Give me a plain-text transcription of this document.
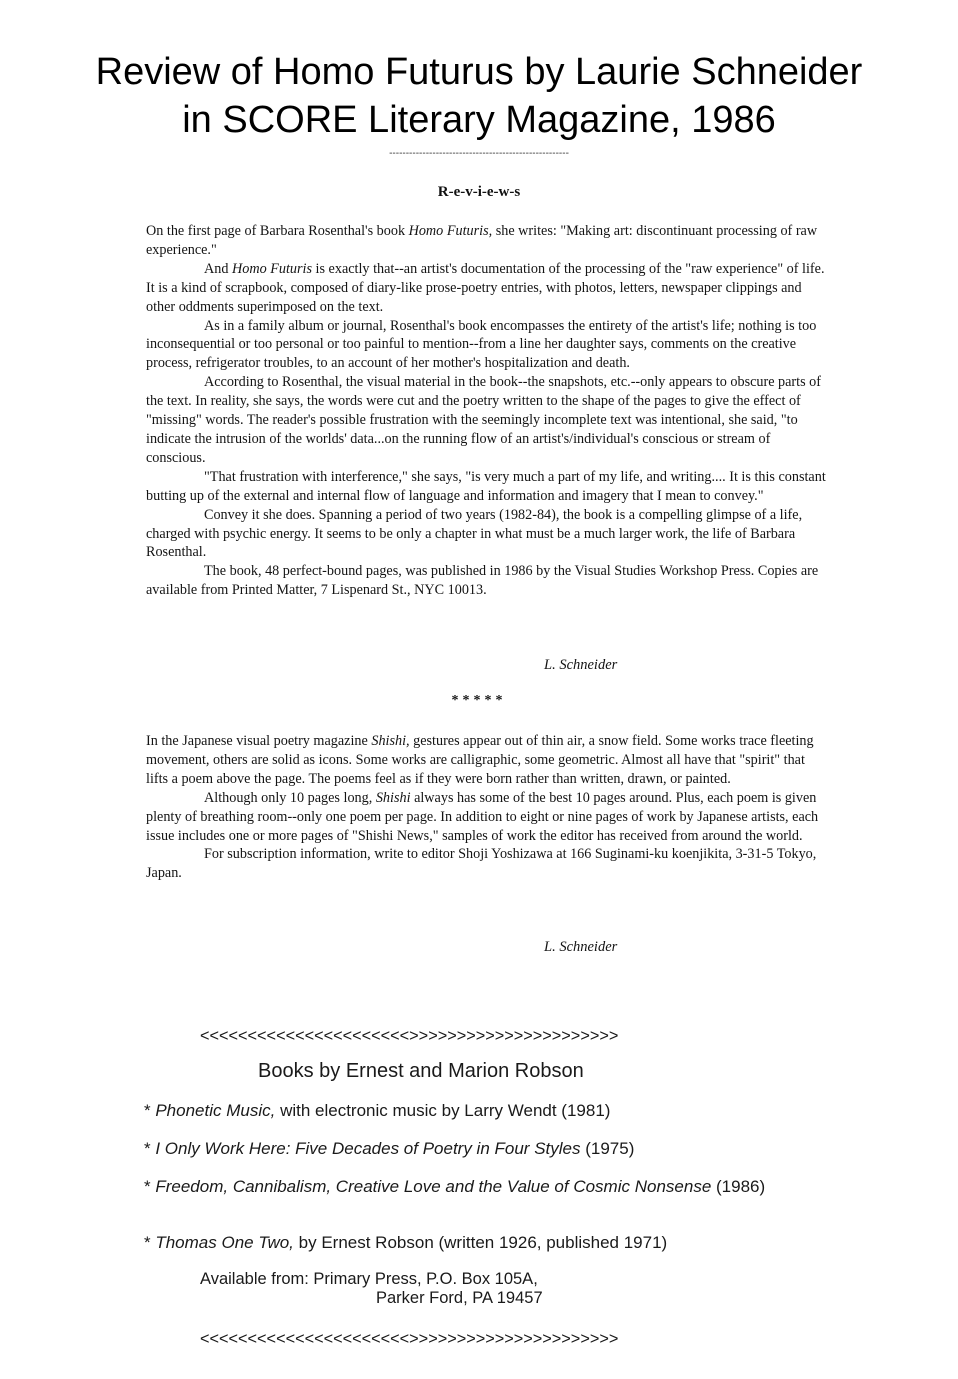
Review of Homo Futurus by Laurie Schneider
in SCORE Literary Magazine, 1986
------------------------------------------------------
R-e-v-i-e-w-s

On the first page of Barbara Rosenthal's book Homo Futuris, she writes: "Making art: discontinuant processing of raw experience."

And Homo Futuris is exactly that--an artist's documentation of the processing of the "raw experience" of life. It is a kind of scrapbook, composed of diary-like prose-poetry entries, with photos, letters, newspaper clippings and other oddments superimposed on the text.

As in a family album or journal, Rosenthal's book encompasses the entirety of the artist's life; nothing is too inconsequential or too personal or too painful to mention--from a line her daughter says, comments on the creative process, refrigerator troubles, to an account of her mother's hospitalization and death.

According to Rosenthal, the visual material in the book--the snapshots, etc.--only appears to obscure parts of the text. In reality, she says, the words were cut and the poetry written to the shape of the pages to give the effect of "missing" words. The reader's possible frustration with the seemingly incomplete text was intentional, she said, "to indicate the intrusion of the worlds' data...on the running flow of an artist's/individual's conscious or stream of conscious.

"That frustration with interference," she says, "is very much a part of my life, and writing.... It is this constant butting up of the external and internal flow of language and information and imagery that I mean to convey."

Convey it she does. Spanning a period of two years (1982-84), the book is a compelling glimpse of a life, charged with psychic energy. It seems to be only a chapter in what must be a much larger work, the life of Barbara Rosenthal.

The book, 48 perfect-bound pages, was published in 1986 by the Visual Studies Workshop Press. Copies are available from Printed Matter, 7 Lispenard St., NYC 10013.

L. Schneider
*****

In the Japanese visual poetry magazine Shishi, gestures appear out of thin air, a snow field. Some works trace fleeting movement, others are solid as icons. Some works are calligraphic, some geometric. Almost all have that "spirit" that lifts a poem above the page. The poems feel as if they were born rather than written, drawn, or painted.

Although only 10 pages long, Shishi always has some of the best 10 pages around. Plus, each poem is given plenty of breathing room--only one poem per page. In addition to eight or nine pages of work by Japanese artists, each issue includes one or more pages of "Shishi News," samples of work the editor has received from around the world.

For subscription information, write to editor Shoji Yoshizawa at 166 Suginami-ku koenjikita, 3-31-5 Tokyo, Japan.

L. Schneider
<<<<<<<<<<<<<<<<<<<<<<>>>>>>>>>>>>>>>>>>>>>>
Books by Ernest and Marion Robson
* Phonetic Music, with electronic music by Larry Wendt (1981)
* I Only Work Here: Five Decades of Poetry in Four Styles (1975)
* Freedom, Cannibalism, Creative Love and the Value of Cosmic Nonsense (1986)
* Thomas One Two, by Ernest Robson (written 1926, published 1971)
Available from: Primary Press, P.O. Box 105A,
Parker Ford, PA 19457
<<<<<<<<<<<<<<<<<<<<<<>>>>>>>>>>>>>>>>>>>>>>
